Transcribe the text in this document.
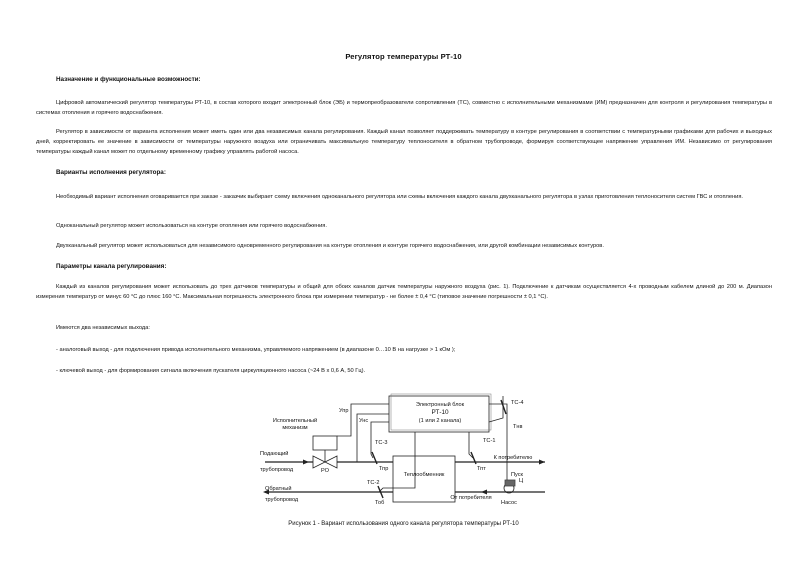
Регулятор температуры РТ-10
Назначение и функциональные возможности:
Цифровой автоматический регулятор температуры РТ-10, в состав которого входит электронный блок (ЭБ) и термопреобразователи сопротивления (ТС), совместно с исполнительными механизмами (ИМ) предназначен для контроля и регулирования температуры в системах отопления и горячего водоснабжения.
Регулятор в зависимости от варианта исполнения может иметь один или два независимых канала регулирования. Каждый канал позволяет поддерживать температуру в контуре регулирования в соответствии с температурными графиками для рабочих и выходных дней, корректировать ее значение в зависимости от температуры наружного воздуха или ограничивать максимальную температуру теплоносителя в обратном трубопроводе, формируя соответствующее напряжение управления ИМ. Независимо от регулирования температуры каждый канал может по отдельному временному графику управлять работой насоса.
Варианты исполнения регулятора:
Необходимый вариант исполнения оговаривается при заказе - заказчик выбирает схему включения одноканального регулятора или схемы включения каждого канала двухканального регулятора в узлах приготовления теплоносителя систем ГВС и отопления.
Одноканальный регулятор может использоваться на контуре отопления или горячего водоснабжения.
Двухканальный регулятор может использоваться для независимого одновременного регулирования на контуре отопления и контуре горячего водоснабжения, или другой комбинации независимых контуров.
Параметры канала регулирования:
Каждый из каналов регулирования может использовать до трех датчиков температуры и общий для обоих каналов датчик температуры наружного воздуха (рис. 1). Подключение к датчикам осуществляется 4-х проводным кабелем длиной до 200 м. Диапазон измерения температур от минус 60 °С до плюс 160 °С. Максимальная погрешность электронного блока при измерении температур - не более ± 0,4 °С (типовое значение погрешности ± 0,1 °С).
Имеются два независимых выхода:
- аналоговый выход - для подключения привода исполнительного механизма, управляемого напряжением (в диапазоне 0…10 В на нагрузке > 1 кОм );
- ключевой выход - для формирования сигнала включения пускателя циркуляционного насоса (~24 В х 0,6 А, 50 Гц).
Электронный блок
РТ-10
(1 или 2 канала)
Исполнительный
механизм
РО
Подающий
трубопровод
Обратный
трубопровод
Теплообменник
К потребителю
От потребителя
Насос
ТС-1
ТС-2
ТС-3
ТС-4
Тпр
Тнв
Тоб
Тпт
Упр
Унс
Ц
Пуск
Рисунок 1 - Вариант использования одного канала регулятора температуры РТ-10
